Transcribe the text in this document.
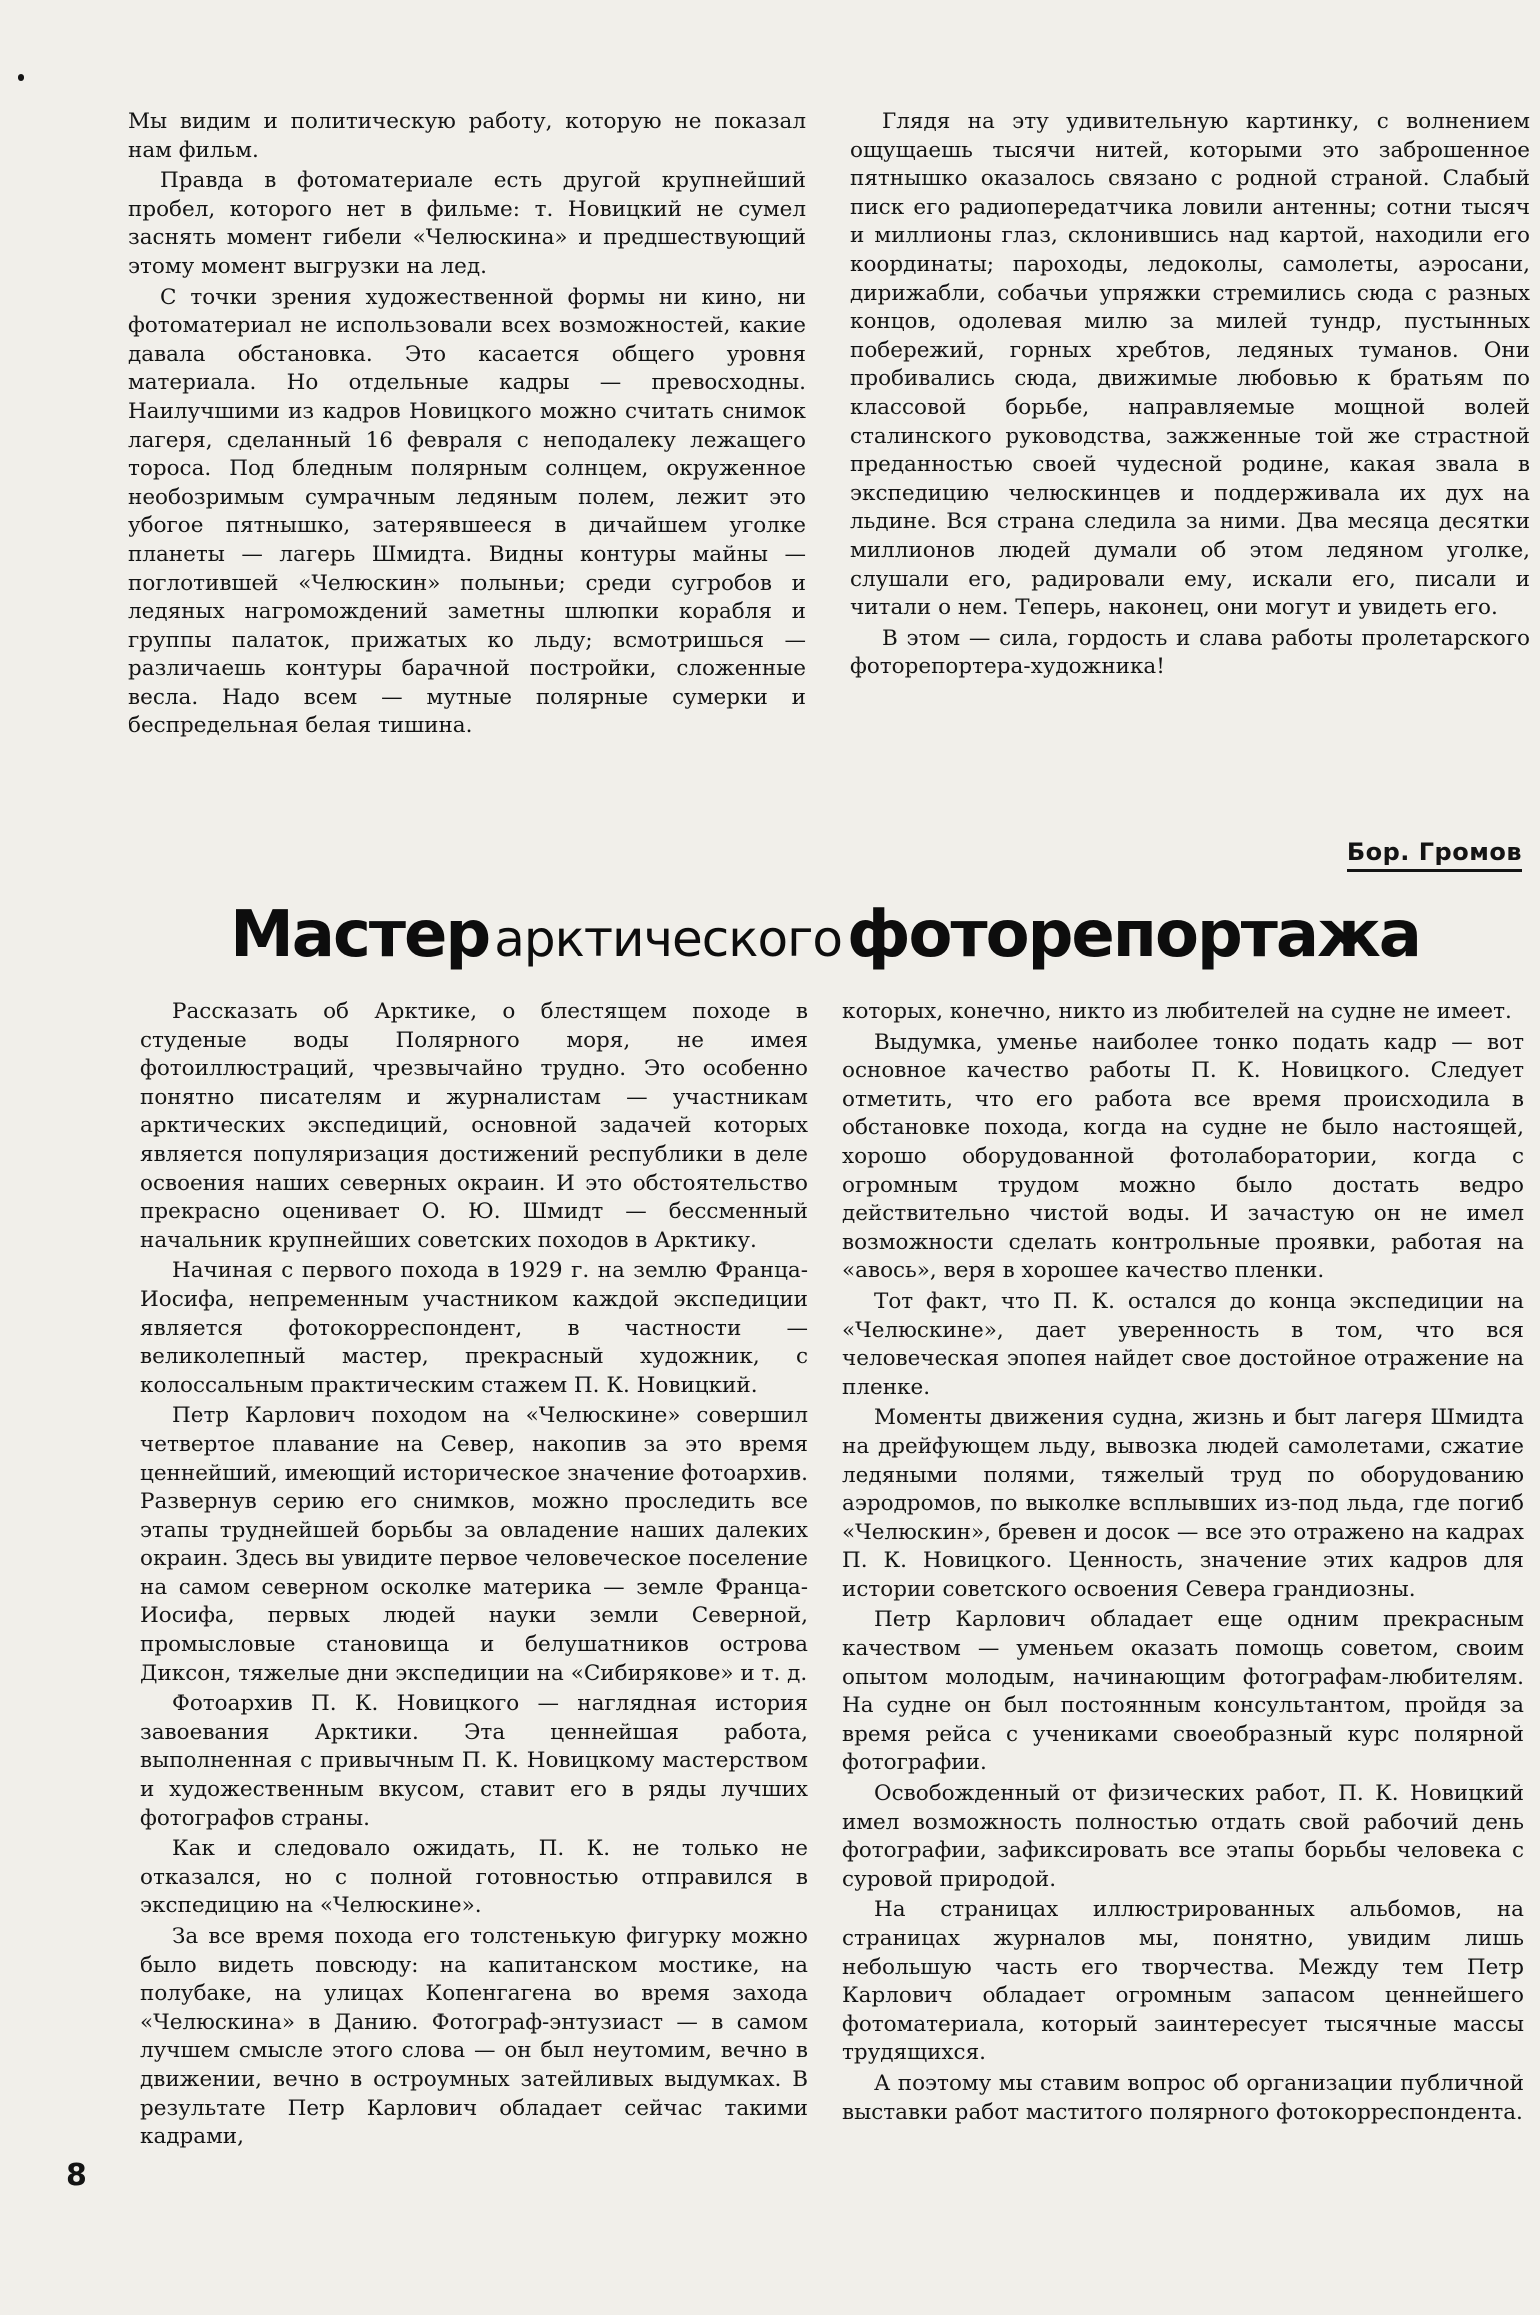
Мы видим и политическую работу, которую не показал нам фильм.

Правда в фотоматериале есть другой крупнейший пробел, которого нет в фильме: т. Новицкий не сумел заснять момент гибели «Челюскина» и предшествующий этому момент выгрузки на лед.

С точки зрения художественной формы ни кино, ни фотоматериал не использовали всех возможностей, какие давала обстановка. Это касается общего уровня материала. Но отдельные кадры — превосходны. Наилучшими из кадров Новицкого можно считать снимок лагеря, сделанный 16 февраля с неподалеку лежащего тороса. Под бледным полярным солнцем, окруженное необозримым сумрачным ледяным полем, лежит это убогое пятнышко, затерявшееся в дичайшем уголке планеты — лагерь Шмидта. Видны контуры майны — поглотившей «Челюскин» полыньи; среди сугробов и ледяных нагромождений заметны шлюпки корабля и группы палаток, прижатых ко льду; всмотришься — различаешь контуры барачной постройки, сложенные весла. Надо всем — мутные полярные сумерки и беспредельная белая тишина.

Глядя на эту удивительную картинку, с волнением ощущаешь тысячи нитей, которыми это заброшенное пятнышко оказалось связано с родной страной. Слабый писк его радиопередатчика ловили антенны; сотни тысяч и миллионы глаз, склонившись над картой, находили его координаты; пароходы, ледоколы, самолеты, аэросани, дирижабли, собачьи упряжки стремились сюда с разных концов, одолевая милю за милей тундр, пустынных побережий, горных хребтов, ледяных туманов. Они пробивались сюда, движимые любовью к братьям по классовой борьбе, направляемые мощной волей сталинского руководства, зажженные той же страстной преданностью своей чудесной родине, какая звала в экспедицию челюскинцев и поддерживала их дух на льдине. Вся страна следила за ними. Два месяца десятки миллионов людей думали об этом ледяном уголке, слушали его, радировали ему, искали его, писали и читали о нем. Теперь, наконец, они могут и увидеть его.

В этом — сила, гордость и слава работы пролетарского фоторепортера-художника!

Бор. Громов
Мастер арктического фоторепортажа

Рассказать об Арктике, о блестящем походе в студеные воды Полярного моря, не имея фотоиллюстраций, чрезвычайно трудно. Это особенно понятно писателям и журналистам — участникам арктических экспедиций, основной задачей которых является популяризация достижений республики в деле освоения наших северных окраин. И это обстоятельство прекрасно оценивает О. Ю. Шмидт — бессменный начальник крупнейших советских походов в Арктику.

Начиная с первого похода в 1929 г. на землю Франца-Иосифа, непременным участником каждой экспедиции является фотокорреспондент, в частности — великолепный мастер, прекрасный художник, с колоссальным практическим стажем П. К. Новицкий.

Петр Карлович походом на «Челюскине» совершил четвертое плавание на Север, накопив за это время ценнейший, имеющий историческое значение фотоархив. Развернув серию его снимков, можно проследить все этапы труднейшей борьбы за овладение наших далеких окраин. Здесь вы увидите первое человеческое поселение на самом северном осколке материка — земле Франца-Иосифа, первых людей науки земли Северной, промысловые становища и белушатников острова Диксон, тяжелые дни экспедиции на «Сибирякове» и т. д.

Фотоархив П. К. Новицкого — наглядная история завоевания Арктики. Эта ценнейшая работа, выполненная с привычным П. К. Новицкому мастерством и художественным вкусом, ставит его в ряды лучших фотографов страны.

Как и следовало ожидать, П. К. не только не отказался, но с полной готовностью отправился в экспедицию на «Челюскине».

За все время похода его толстенькую фигурку можно было видеть повсюду: на капитанском мостике, на полубаке, на улицах Копенгагена во время захода «Челюскина» в Данию. Фотограф-энтузиаст — в самом лучшем смысле этого слова — он был неутомим, вечно в движении, вечно в остроумных затейливых выдумках. В результате Петр Карлович обладает сейчас такими кадрами,

которых, конечно, никто из любителей на судне не имеет.

Выдумка, уменье наиболее тонко подать кадр — вот основное качество работы П. К. Новицкого. Следует отметить, что его работа все время происходила в обстановке похода, когда на судне не было настоящей, хорошо оборудованной фотолаборатории, когда с огромным трудом можно было достать ведро действительно чистой воды. И зачастую он не имел возможности сделать контрольные проявки, работая на «авось», веря в хорошее качество пленки.

Тот факт, что П. К. остался до конца экспедиции на «Челюскине», дает уверенность в том, что вся человеческая эпопея найдет свое достойное отражение на пленке.

Моменты движения судна, жизнь и быт лагеря Шмидта на дрейфующем льду, вывозка людей самолетами, сжатие ледяными полями, тяжелый труд по оборудованию аэродромов, по выколке всплывших из-под льда, где погиб «Челюскин», бревен и досок — все это отражено на кадрах П. К. Новицкого. Ценность, значение этих кадров для истории советского освоения Севера грандиозны.

Петр Карлович обладает еще одним прекрасным качеством — уменьем оказать помощь советом, своим опытом молодым, начинающим фотографам-любителям. На судне он был постоянным консультантом, пройдя за время рейса с учениками своеобразный курс полярной фотографии.

Освобожденный от физических работ, П. К. Новицкий имел возможность полностью отдать свой рабочий день фотографии, зафиксировать все этапы борьбы человека с суровой природой.

На страницах иллюстрированных альбомов, на страницах журналов мы, понятно, увидим лишь небольшую часть его творчества. Между тем Петр Карлович обладает огромным запасом ценнейшего фотоматериала, который заинтересует тысячные массы трудящихся.

А поэтому мы ставим вопрос об организации публичной выставки работ маститого полярного фотокорреспондента.

8
